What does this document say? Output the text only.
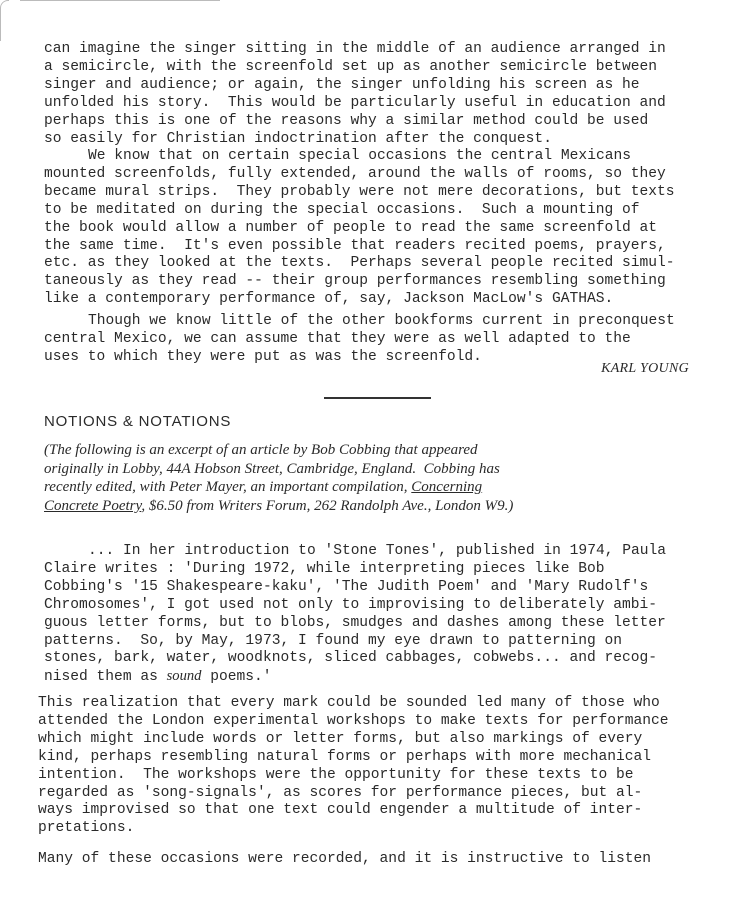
can imagine the singer sitting in the middle of an audience arranged in
a semicircle, with the screenfold set up as another semicircle between
singer and audience; or again, the singer unfolding his screen as he
unfolded his story.  This would be particularly useful in education and
perhaps this is one of the reasons why a similar method could be used
so easily for Christian indoctrination after the conquest.
We know that on certain special occasions the central Mexicans
mounted screenfolds, fully extended, around the walls of rooms, so they
became mural strips.  They probably were not mere decorations, but texts
to be meditated on during the special occasions.  Such a mounting of
the book would allow a number of people to read the same screenfold at
the same time.  It's even possible that readers recited poems, prayers,
etc. as they looked at the texts.  Perhaps several people recited simul-
taneously as they read -- their group performances resembling something
like a contemporary performance of, say, Jackson MacLow's GATHAS.
Though we know little of the other bookforms current in preconquest
central Mexico, we can assume that they were as well adapted to the
uses to which they were put as was the screenfold.
KARL YOUNG
NOTIONS & NOTATIONS
(The following is an excerpt of an article by Bob Cobbing that appeared
originally in Lobby, 44A Hobson Street, Cambridge, England.  Cobbing has
recently edited, with Peter Mayer, an important compilation, Concerning
Concrete Poetry, $6.50 from Writers Forum, 262 Randolph Ave., London W9.)
... In her introduction to 'Stone Tones', published in 1974, Paula
Claire writes : 'During 1972, while interpreting pieces like Bob
Cobbing's '15 Shakespeare-kaku', 'The Judith Poem' and 'Mary Rudolf's
Chromosomes', I got used not only to improvising to deliberately ambi-
guous letter forms, but to blobs, smudges and dashes among these letter
patterns.  So, by May, 1973, I found my eye drawn to patterning on
stones, bark, water, woodknots, sliced cabbages, cobwebs... and recog-
nised them as sound poems.'
This realization that every mark could be sounded led many of those who
attended the London experimental workshops to make texts for performance
which might include words or letter forms, but also markings of every
kind, perhaps resembling natural forms or perhaps with more mechanical
intention.  The workshops were the opportunity for these texts to be
regarded as 'song-signals', as scores for performance pieces, but al-
ways improvised so that one text could engender a multitude of inter-
pretations.
Many of these occasions were recorded, and it is instructive to listen
